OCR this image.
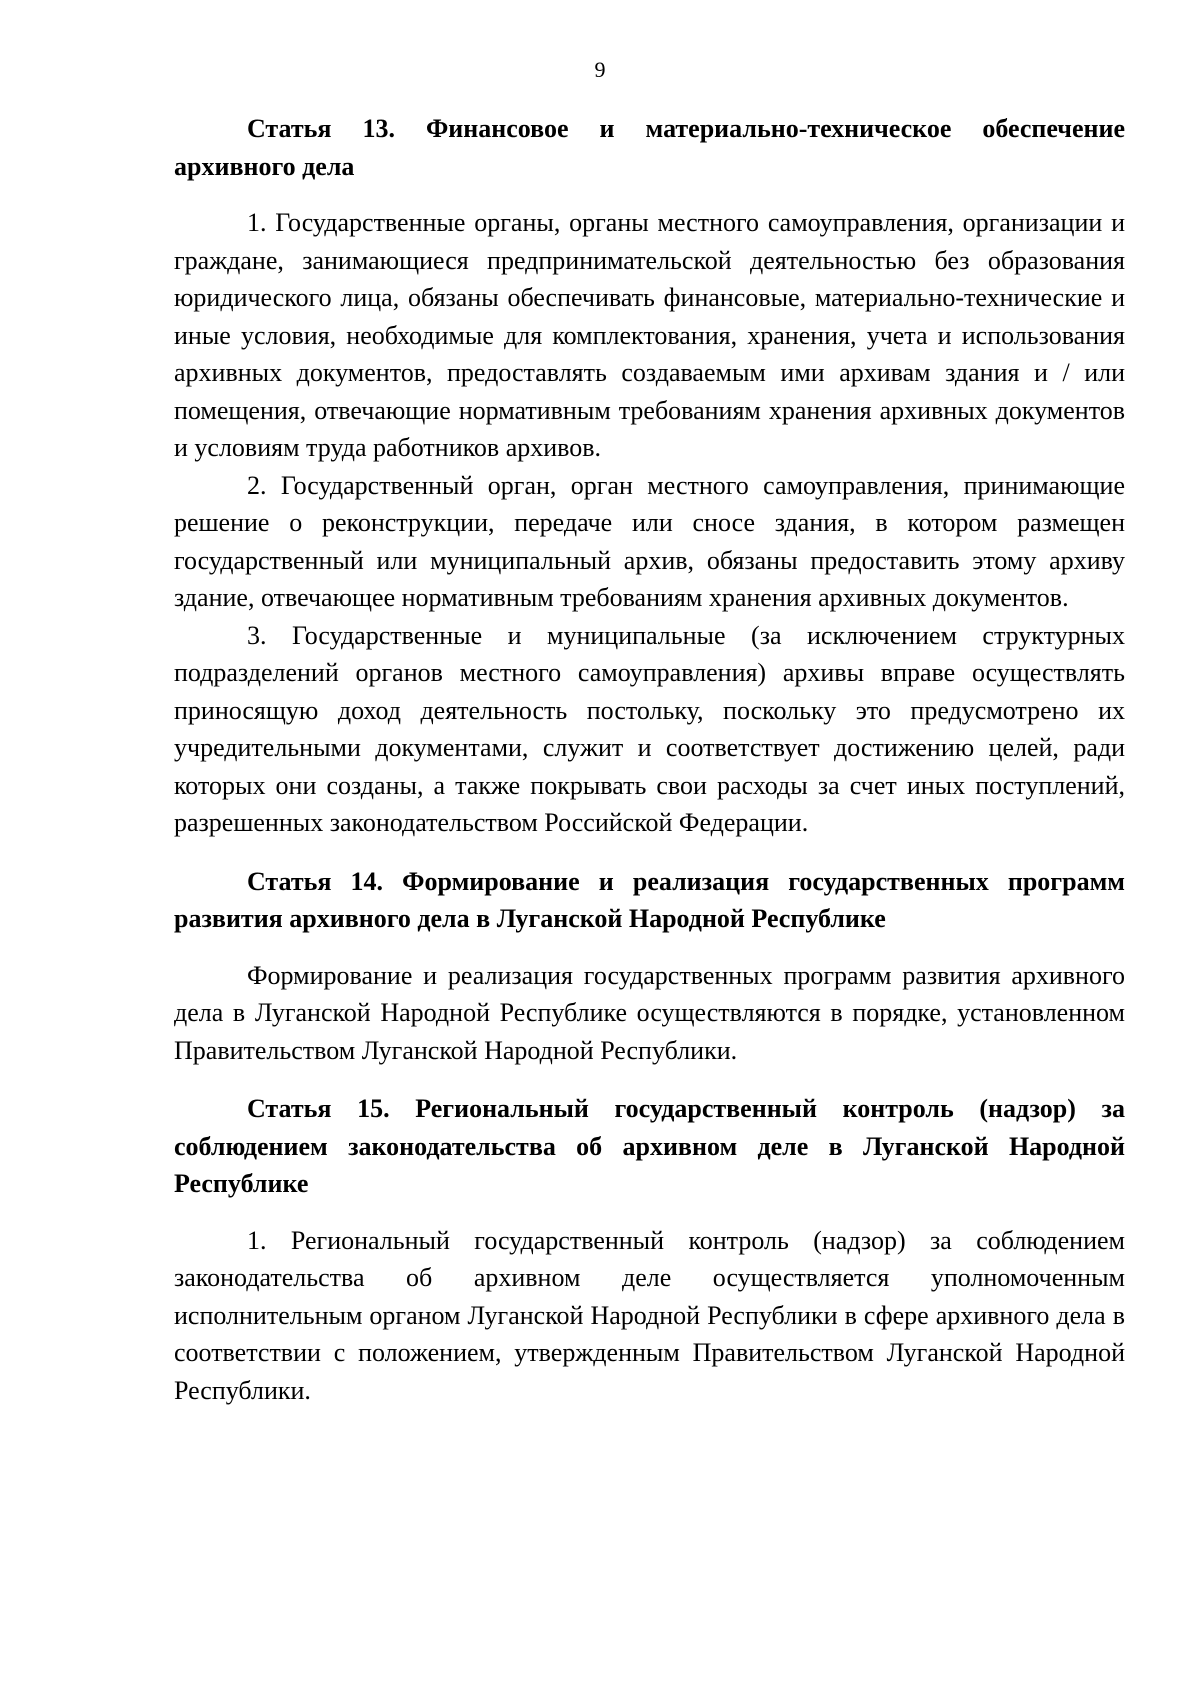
9

Статья 13. Финансовое и материально-техническое обеспечение архивного дела

1. Государственные органы, органы местного самоуправления, организации и граждане, занимающиеся предпринимательской деятельностью без образования юридического лица, обязаны обеспечивать финансовые, материально-технические и иные условия, необходимые для комплектования, хранения, учета и использования архивных документов, предоставлять создаваемым ими архивам здания и / или помещения, отвечающие нормативным требованиям хранения архивных документов и условиям труда работников архивов.

2. Государственный орган, орган местного самоуправления, принимающие решение о реконструкции, передаче или сносе здания, в котором размещен государственный или муниципальный архив, обязаны предоставить этому архиву здание, отвечающее нормативным требованиям хранения архивных документов.

3. Государственные и муниципальные (за исключением структурных подразделений органов местного самоуправления) архивы вправе осуществлять приносящую доход деятельность постольку, поскольку это предусмотрено их учредительными документами, служит и соответствует достижению целей, ради которых они созданы, а также покрывать свои расходы за счет иных поступлений, разрешенных законодательством Российской Федерации.

Статья 14. Формирование и реализация государственных программ развития архивного дела в Луганской Народной Республике

Формирование и реализация государственных программ развития архивного дела в Луганской Народной Республике осуществляются в порядке, установленном Правительством Луганской Народной Республики.

Статья 15. Региональный государственный контроль (надзор) за соблюдением законодательства об архивном деле в Луганской Народной Республике

1. Региональный государственный контроль (надзор) за соблюдением законодательства об архивном деле осуществляется уполномоченным исполнительным органом Луганской Народной Республики в сфере архивного дела в соответствии с положением, утвержденным Правительством Луганской Народной Республики.
